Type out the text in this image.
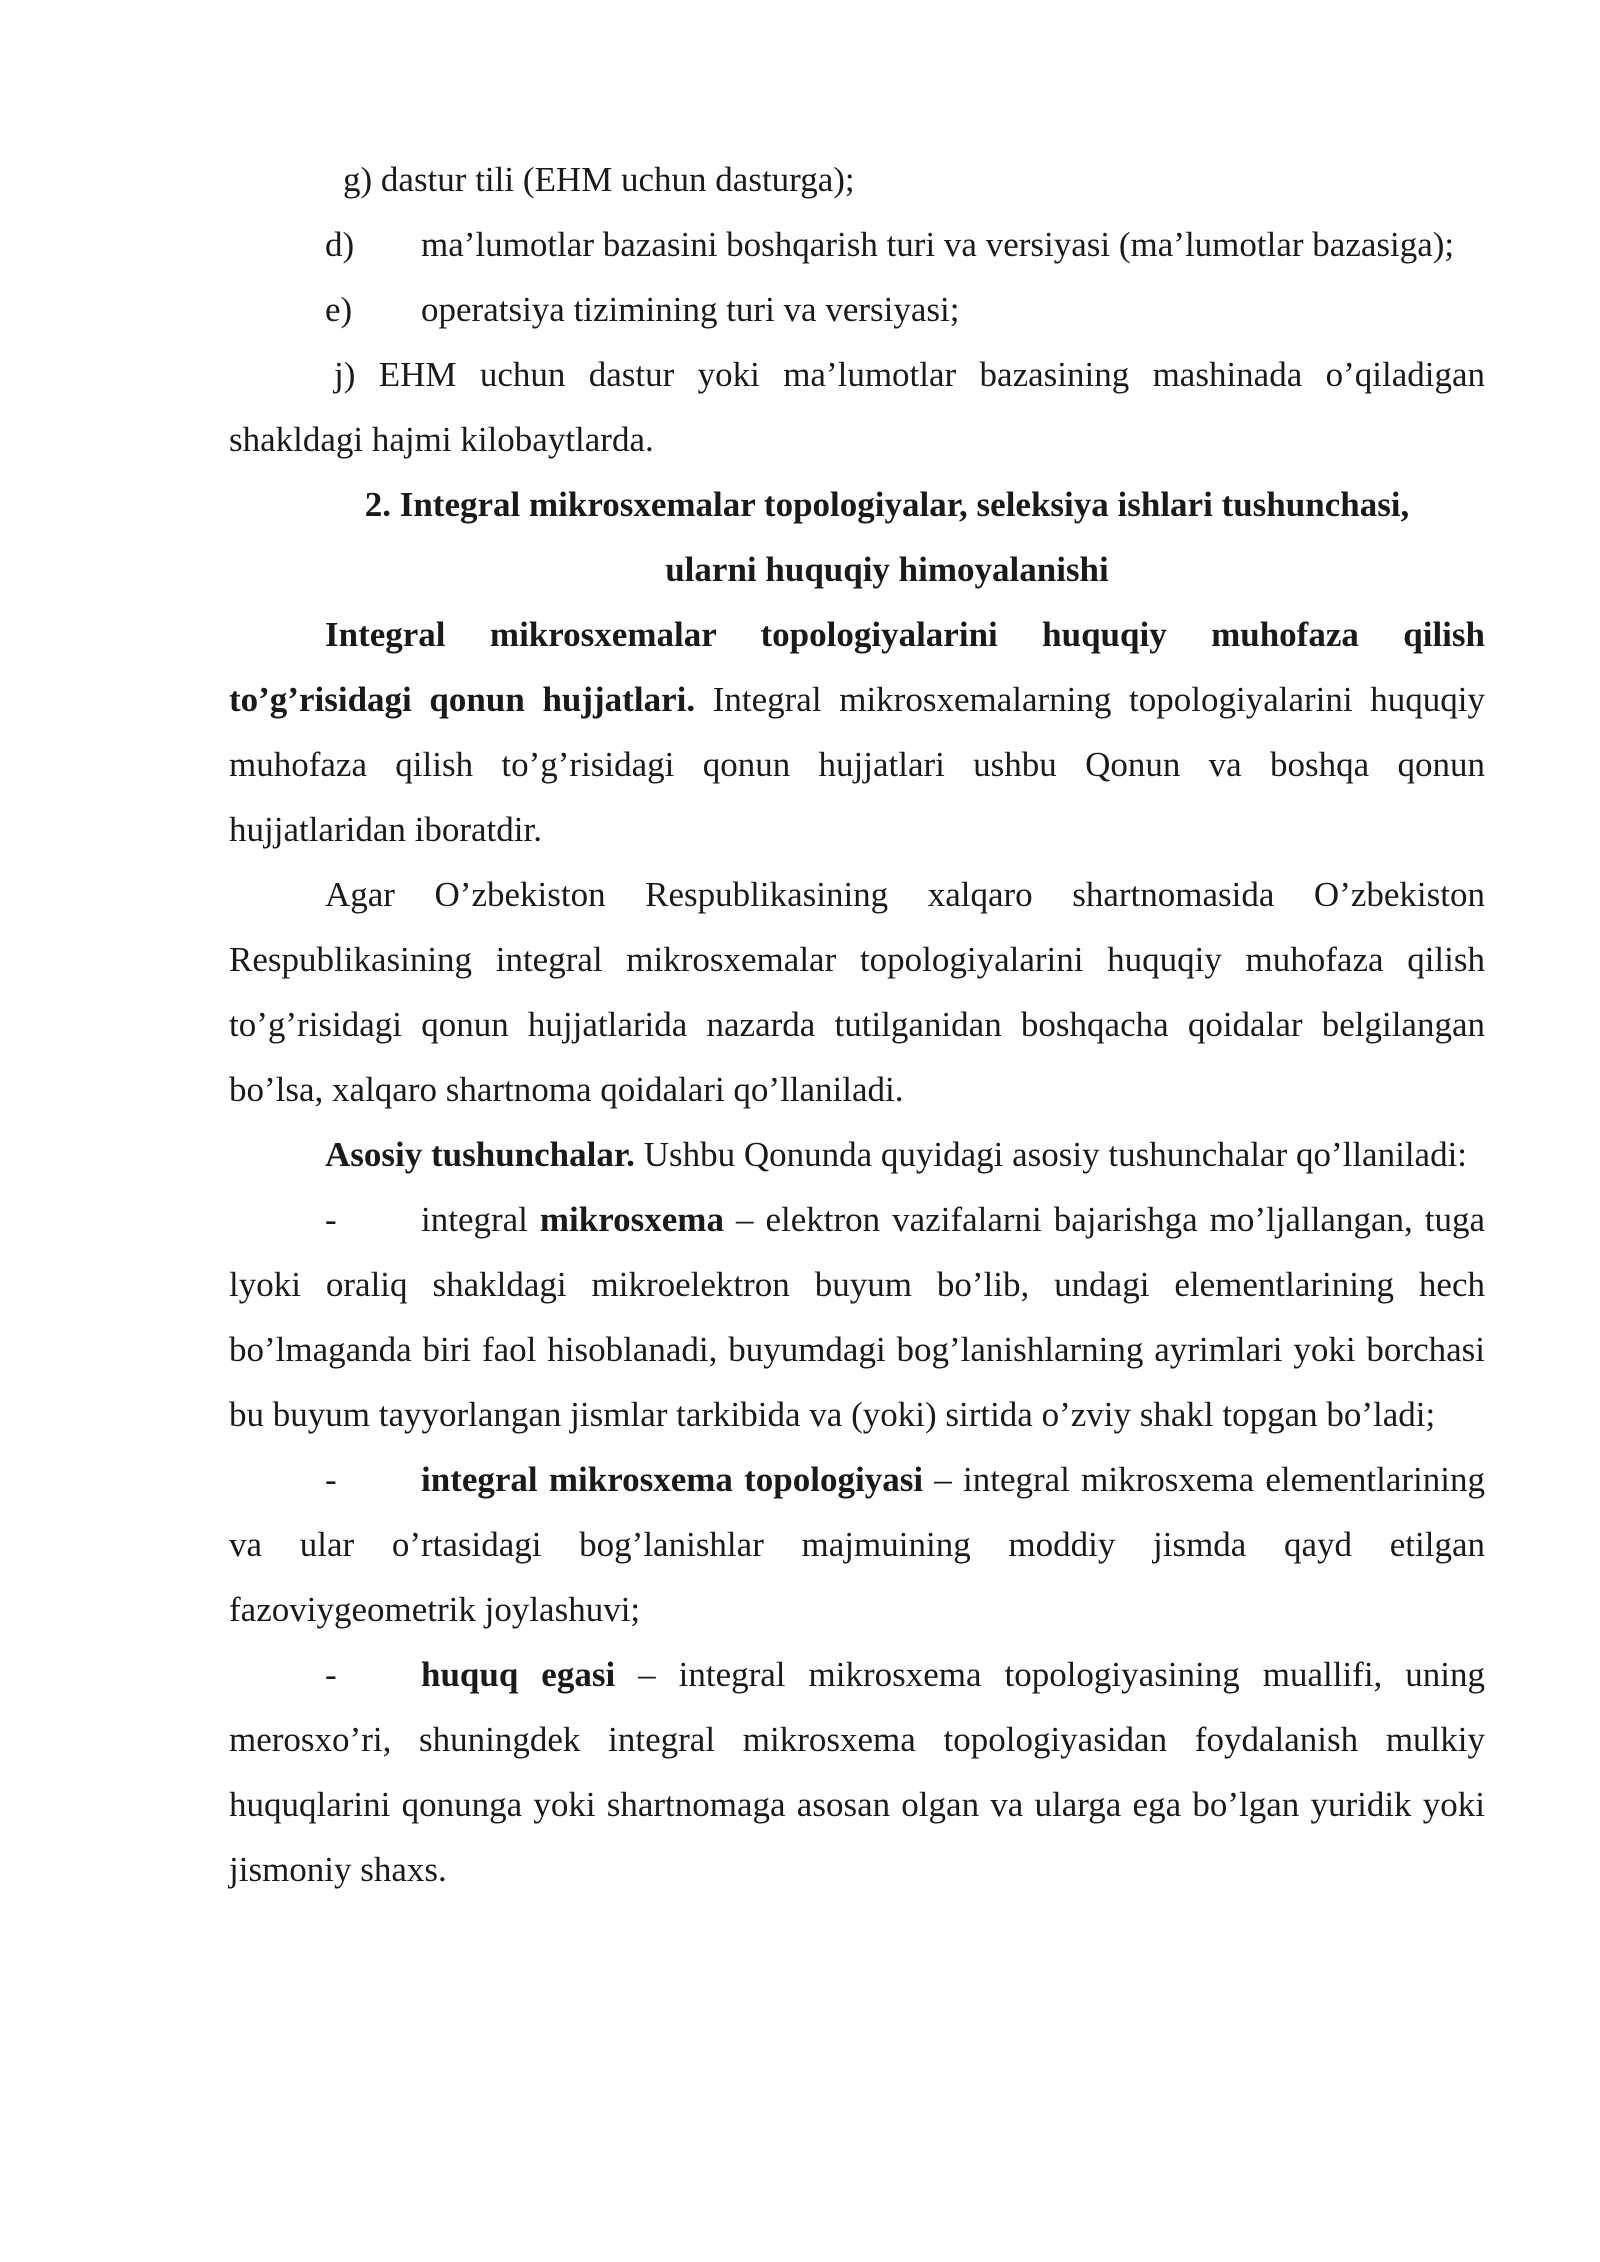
g) dastur tili (EHM uchun dasturga);

d) ma’lumotlar bazasini boshqarish turi va versiyasi (ma’lumotlar bazasiga);

e) operatsiya tizimining turi va versiyasi;

j) EHM uchun dastur yoki ma’lumotlar bazasining mashinada o’qiladigan shakldagi hajmi kilobaytlarda.

2. Integral mikrosxemalar topologiyalar, seleksiya ishlari tushunchasi,
ularni huquqiy himoyalanishi

Integral mikrosxemalar topologiyalarini huquqiy muhofaza qilish to’g’risidagi qonun hujjatlari. Integral mikrosxemalarning topologiyalarini huquqiy muhofaza qilish to’g’risidagi qonun hujjatlari ushbu Qonun va boshqa qonun hujjatlaridan iboratdir.

Agar O’zbekiston Respublikasining xalqaro shartnomasida O’zbekiston Respublikasining integral mikrosxemalar topologiyalarini huquqiy muhofaza qilish to’g’risidagi qonun hujjatlarida nazarda tutilganidan boshqacha qoidalar belgilangan bo’lsa, xalqaro shartnoma qoidalari qo’llaniladi.

Asosiy tushunchalar. Ushbu Qonunda quyidagi asosiy tushunchalar qo’llaniladi:

- integral mikrosxema – elektron vazifalarni bajarishga mo’ljallangan, tuga lyoki oraliq shakldagi mikroelektron buyum bo’lib, undagi elementlarining hech bo’lmaganda biri faol hisoblanadi, buyumdagi bog’lanishlarning ayrimlari yoki borchasi bu buyum tayyorlangan jismlar tarkibida va (yoki) sirtida o’zviy shakl topgan bo’ladi;

- integral mikrosxema topologiyasi – integral mikrosxema elementlarining va ular o’rtasidagi bog’lanishlar majmuining moddiy jismda qayd etilgan fazoviygeometrik joylashuvi;

- huquq egasi – integral mikrosxema topologiyasining muallifi, uning merosxo’ri, shuningdek integral mikrosxema topologiyasidan foydalanish mulkiy huquqlarini qonunga yoki shartnomaga asosan olgan va ularga ega bo’lgan yuridik yoki jismoniy shaxs.
